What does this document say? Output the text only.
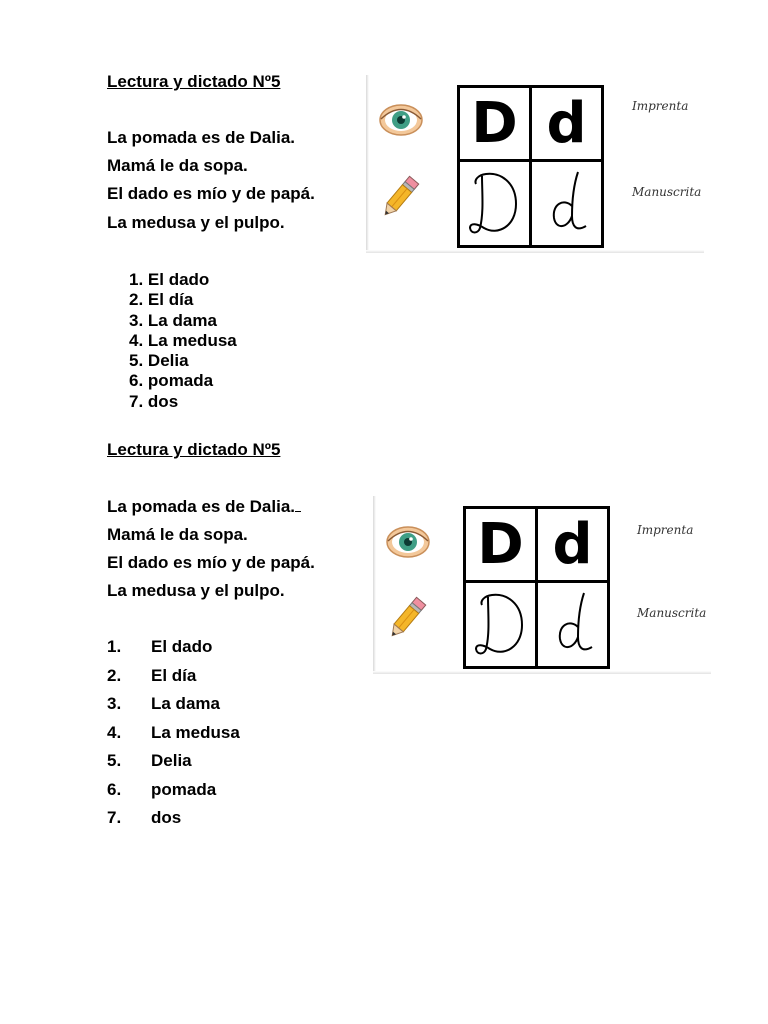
Lectura y dictado Nº5
La pomada es de Dalia.
Mamá le da sopa.
El dado es mío y de papá.
La medusa y el pulpo.
1. El dado
2. El día
3. La dama
4. La medusa
5. Delia
6. pomada
7. dos
D d	Imprenta
Manuscrita
Lectura y dictado Nº5
La pomada es de Dalia.
Mamá le da sopa.
El dado es mío y de papá.
La medusa y el pulpo.
1. El dado
2. El día
3. La dama
4. La medusa
5. Delia
6. pomada
7. dos
D d	Imprenta
Manuscrita
